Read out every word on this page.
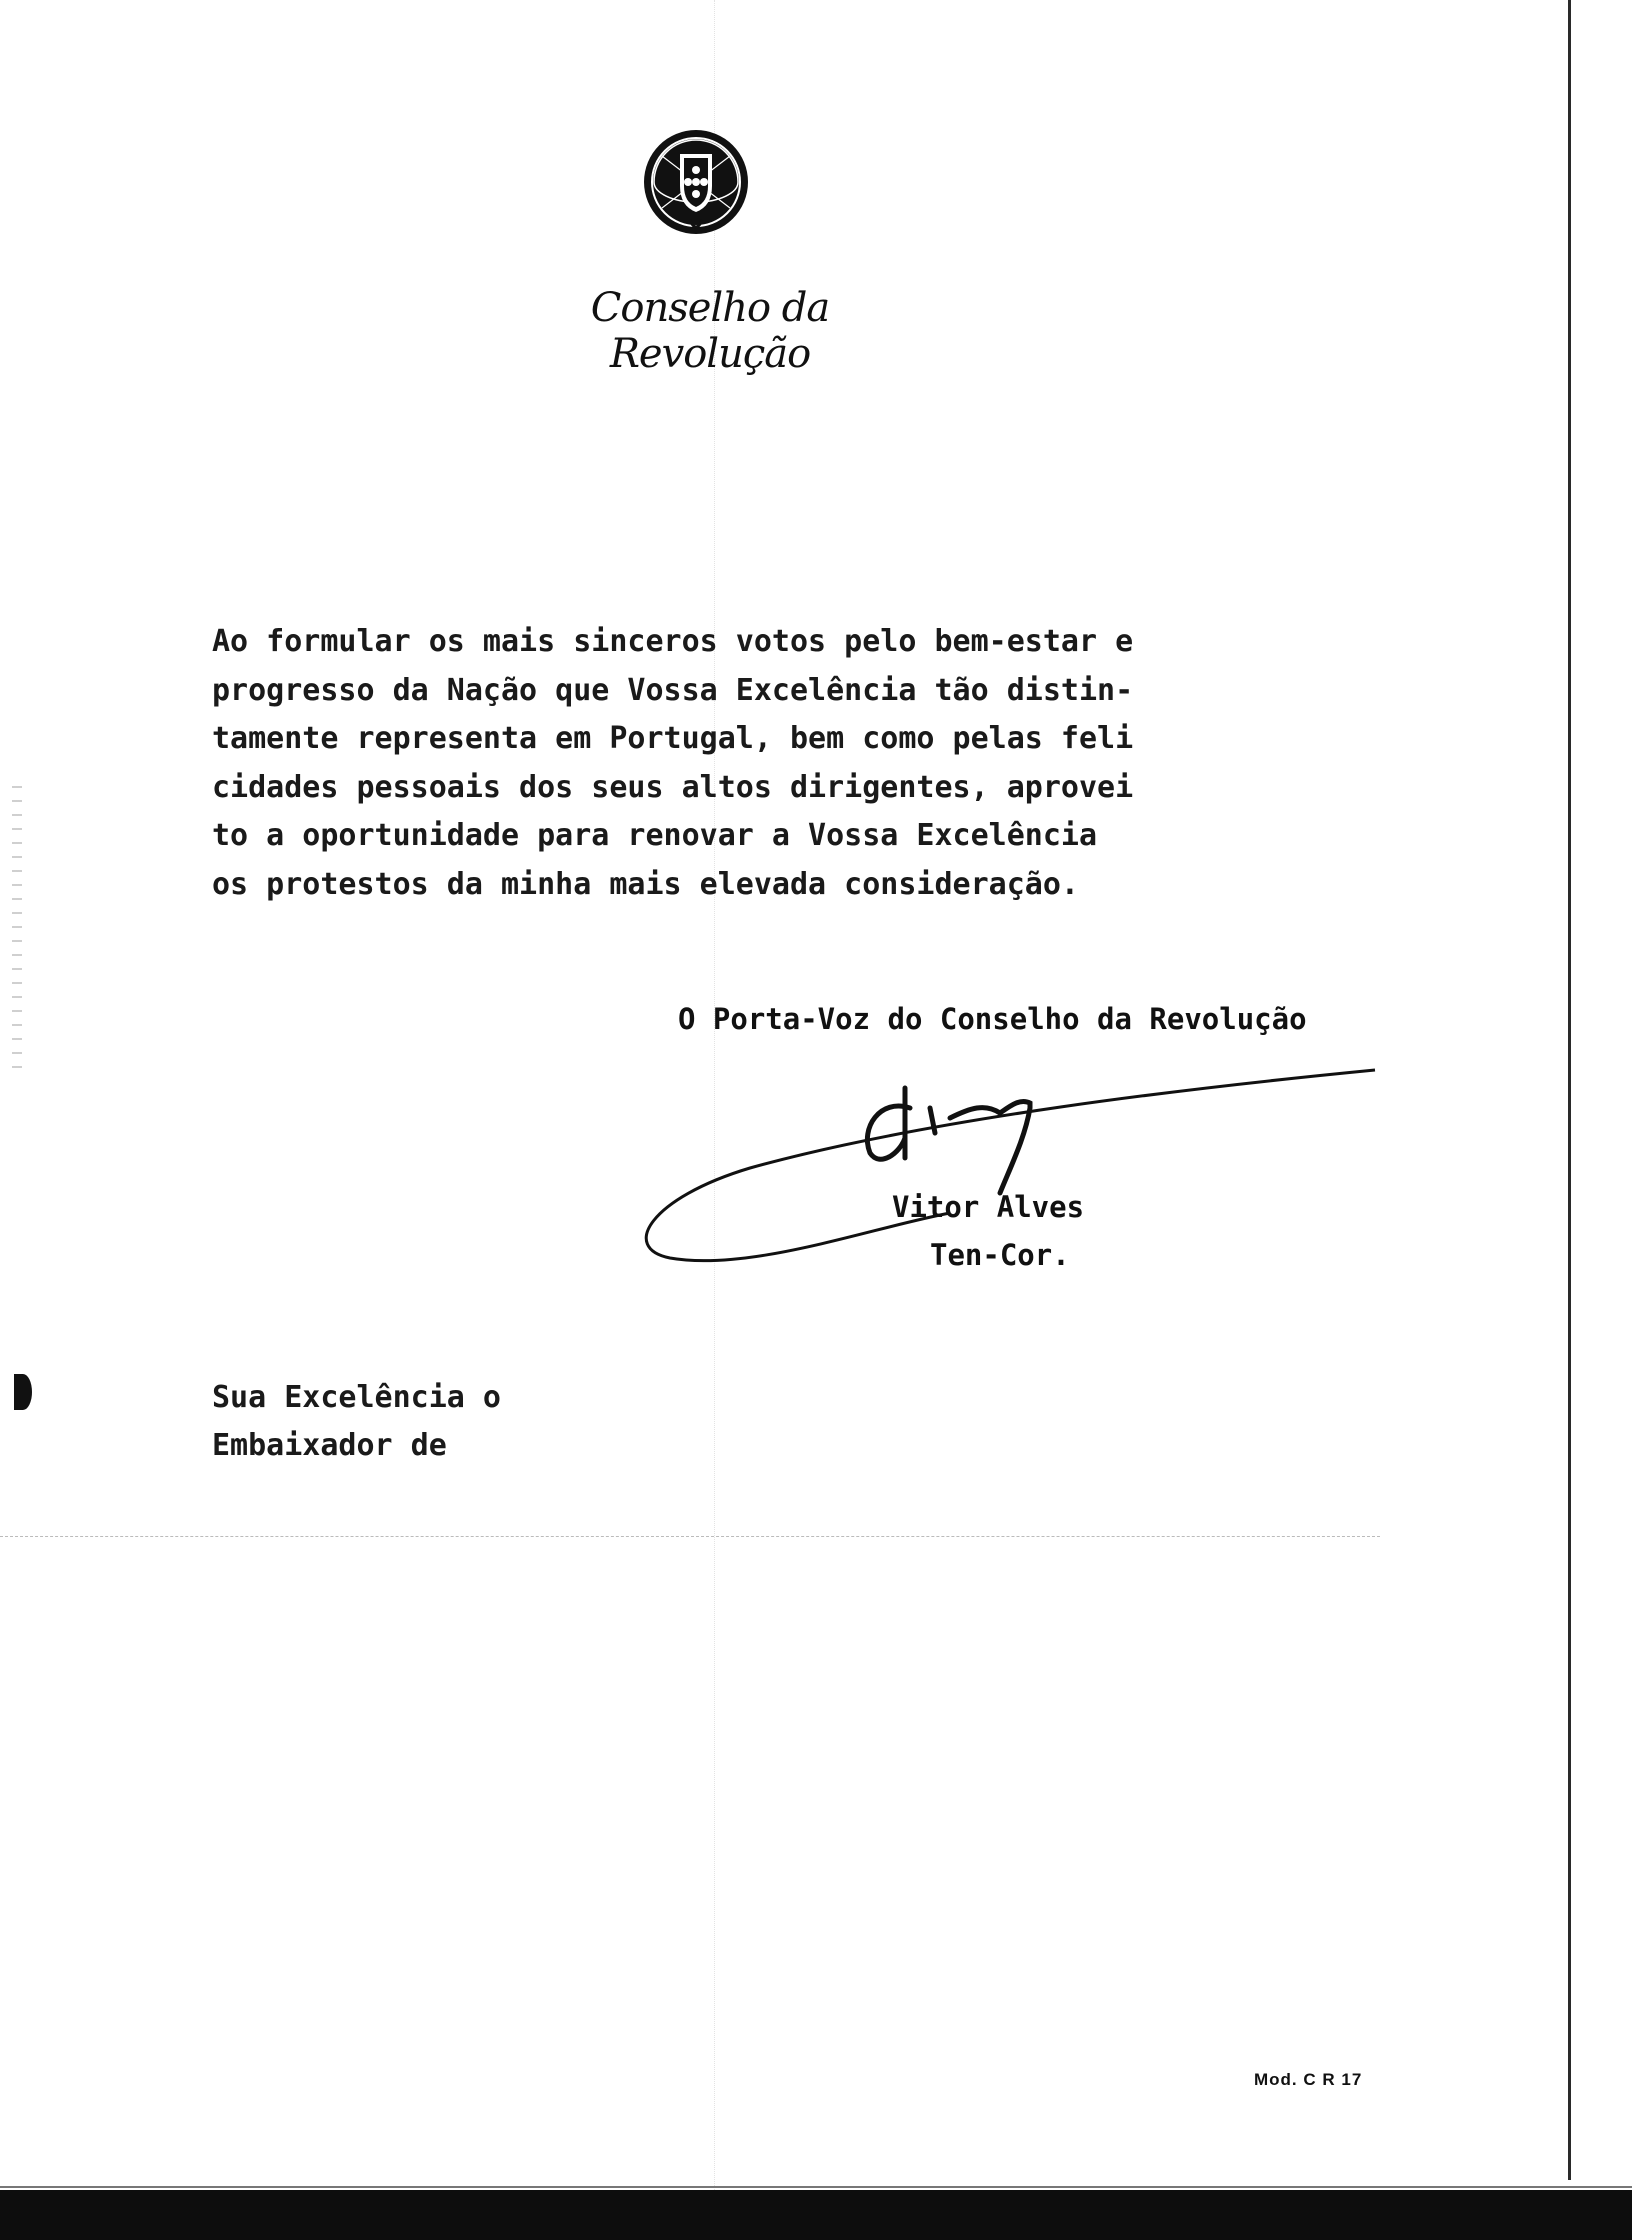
Conselho da Revolução
Ao formular os mais sinceros votos pelo bem-estar e
progresso da Nação que Vossa Excelência tão distin-
tamente representa em Portugal, bem como pelas feli
cidades pessoais dos seus altos dirigentes, aprovei
to a oportunidade para renovar a Vossa Excelência
os protestos da minha mais elevada consideração.
O Porta-Voz do Conselho da Revolução
Vitor Alves
Ten-Cor.
Sua Excelência o
Embaixador de
Mod. C R 17
